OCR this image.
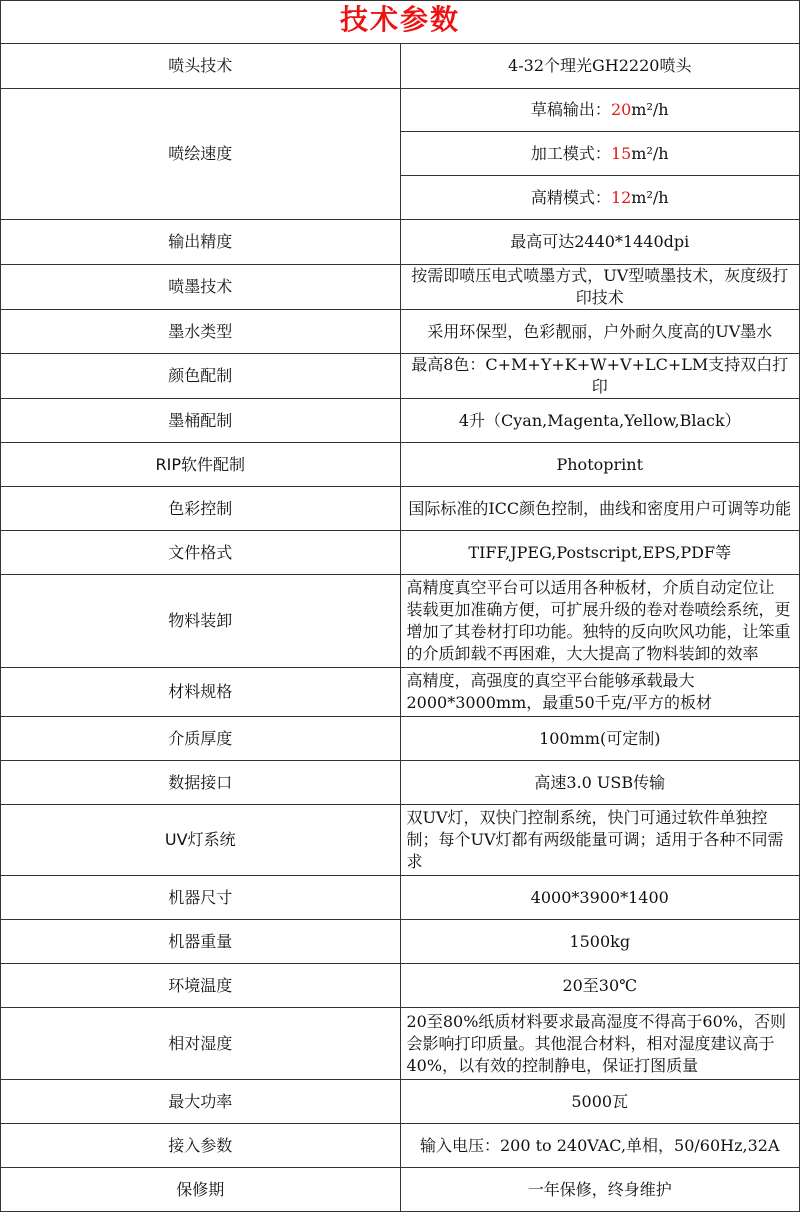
技术参数	
喷头技术	4-32个理光GH2220喷头
喷绘速度	草稿输出：20m²/h
	加工模式：15m²/h
	高精模式：12m²/h
输出精度	最高可达2440*1440dpi
喷墨技术	按需即喷压电式喷墨方式，UV型喷墨技术，灰度级打印技术
墨水类型	采用环保型，色彩靓丽，户外耐久度高的UV墨水
颜色配制	最高8色：C+M+Y+K+W+V+LC+LM支持双白打印
墨桶配制	4升（Cyan,Magenta,Yellow,Black）
RIP软件配制	Photoprint
色彩控制	国际标准的ICC颜色控制，曲线和密度用户可调等功能
文件格式	TIFF,JPEG,Postscript,EPS,PDF等
物料装卸	高精度真空平台可以适用各种板材，介质自动定位让 装载更加准确方便，可扩展升级的卷对卷喷绘系统，更增加了其卷材打印功能。独特的反向吹风功能，让笨重 的介质卸载不再困难，大大提高了物料装卸的效率
材料规格	高精度，高强度的真空平台能够承载最大2000*3000mm，最重50千克/平方的板材
介质厚度	100mm(可定制)
数据接口	高速3.0 USB传输
UV灯系统	双UV灯，双快门控制系统，快门可通过软件单独控制；每个UV灯都有两级能量可调；适用于各种不同需求
机器尺寸	4000*3900*1400
机器重量	1500kg
环境温度	20至30℃
相对湿度	20至80%纸质材料要求最高湿度不得高于60%，否则会影响打印质量。其他混合材料，相对湿度建议高于40%，以有效的控制静电，保证打图质量
最大功率	5000瓦
接入参数	输入电压：200 to 240VAC,单相，50/60Hz,32A
保修期	一年保修，终身维护
